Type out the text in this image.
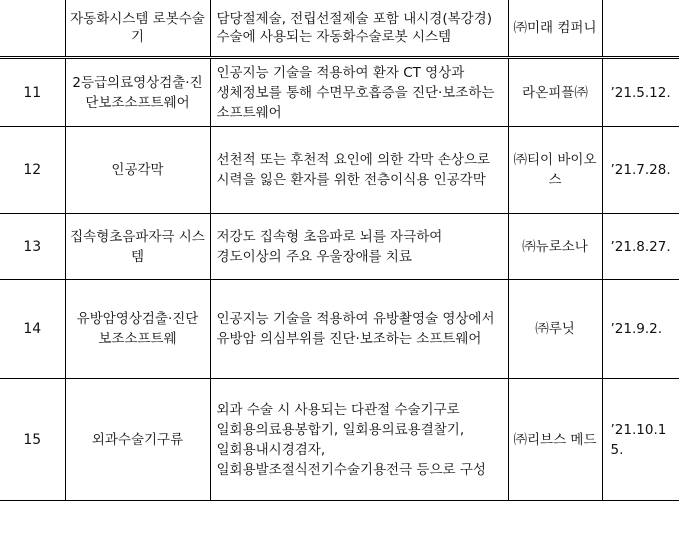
	자동화시스템 로봇수술기	담당절제술, 전립선절제술 포함 내시경(복강경) 수술에 사용되는 자동화수술로봇 시스템	㈜미래 컴퍼니	
11	2등급의료영상검출·진단보조소프트웨어	인공지능 기술을 적용하여 환자 CT 영상과 생체정보를 통해 수면무호흡증을 진단·보조하는 소프트웨어	라온피플㈜	’21.5.12.
12	인공각막	선천적 또는 후천적 요인에 의한 각막 손상으로 시력을 잃은 환자를 위한 전층이식용 인공각막	㈜티이 바이오스	’21.7.28.
13	집속형초음파자극 시스템	저강도 집속형 초음파로 뇌를 자극하여 경도이상의 주요 우울장애를 치료	㈜뉴로소나	’21.8.27.
14	유방암영상검출·진단 보조소프트웨	인공지능 기술을 적용하여 유방촬영술 영상에서 유방암 의심부위를 진단·보조하는 소프트웨어	㈜루닛	’21.9.2.
15	외과수술기구류	외과 수술 시 사용되는 다관절 수술기구로 일회용의료용봉합기, 일회용의료용결찰기, 일회용내시경겸자, 일회용발조절식전기수술기용전극 등으로 구성	㈜리브스 메드	’21.10.15.
